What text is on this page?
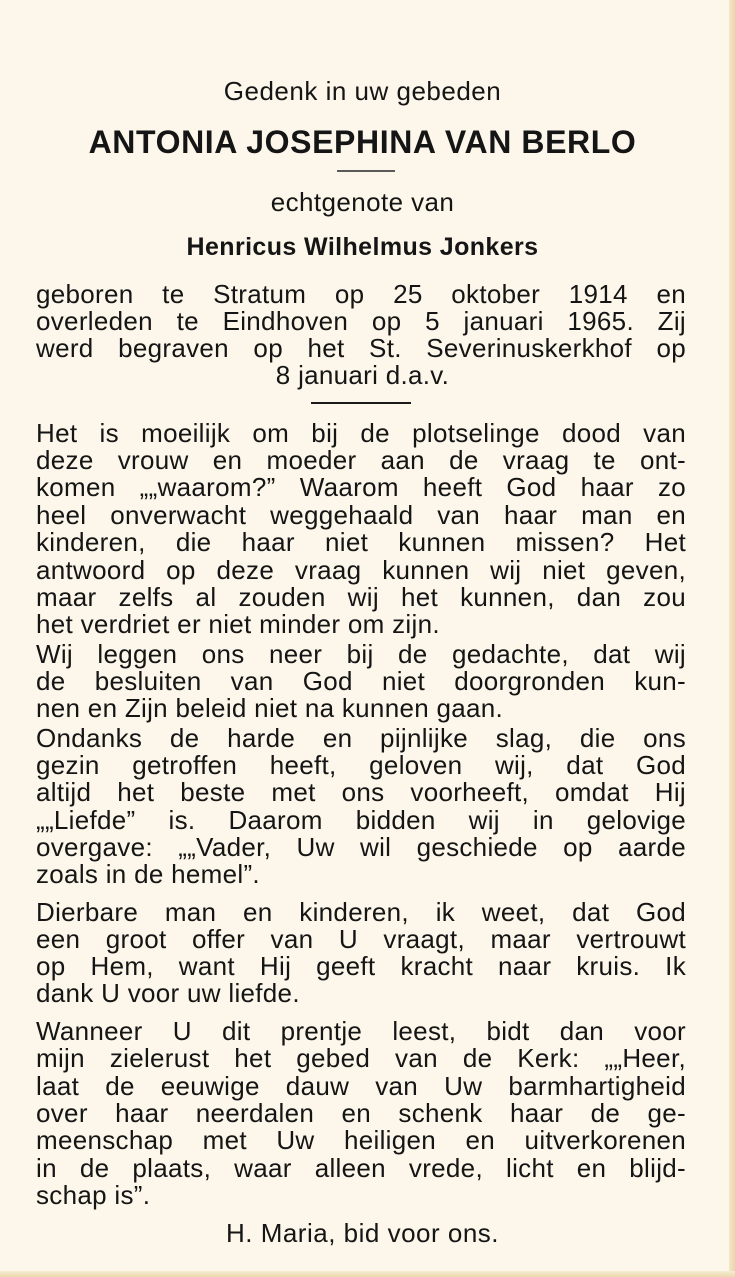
Gedenk in uw gebeden
ANTONIA JOSEPHINA VAN BERLO
echtgenote van
Henricus Wilhelmus Jonkers
geboren te Stratum op 25 oktober 1914 en
overleden te Eindhoven op 5 januari 1965. Zij
werd begraven op het St. Severinuskerkhof op
8 januari d.a.v.
Het is moeilijk om bij de plotselinge dood van
deze vrouw en moeder aan de vraag te ont-
komen „„waarom?” Waarom heeft God haar zo
heel onverwacht weggehaald van haar man en
kinderen, die haar niet kunnen missen? Het
antwoord op deze vraag kunnen wij niet geven,
maar zelfs al zouden wij het kunnen, dan zou
het verdriet er niet minder om zijn.
Wij leggen ons neer bij de gedachte, dat wij
de besluiten van God niet doorgronden kun-
nen en Zijn beleid niet na kunnen gaan.
Ondanks de harde en pijnlijke slag, die ons
gezin getroffen heeft, geloven wij, dat God
altijd het beste met ons voorheeft, omdat Hij
„„Liefde” is. Daarom bidden wij in gelovige
overgave: „„Vader, Uw wil geschiede op aarde
zoals in de hemel”.
Dierbare man en kinderen, ik weet, dat God
een groot offer van U vraagt, maar vertrouwt
op Hem, want Hij geeft kracht naar kruis. Ik
dank U voor uw liefde.
Wanneer U dit prentje leest, bidt dan voor
mijn zielerust het gebed van de Kerk: „„Heer,
laat de eeuwige dauw van Uw barmhartigheid
over haar neerdalen en schenk haar de ge-
meenschap met Uw heiligen en uitverkorenen
in de plaats, waar alleen vrede, licht en blijd-
schap is”.
H. Maria, bid voor ons.
